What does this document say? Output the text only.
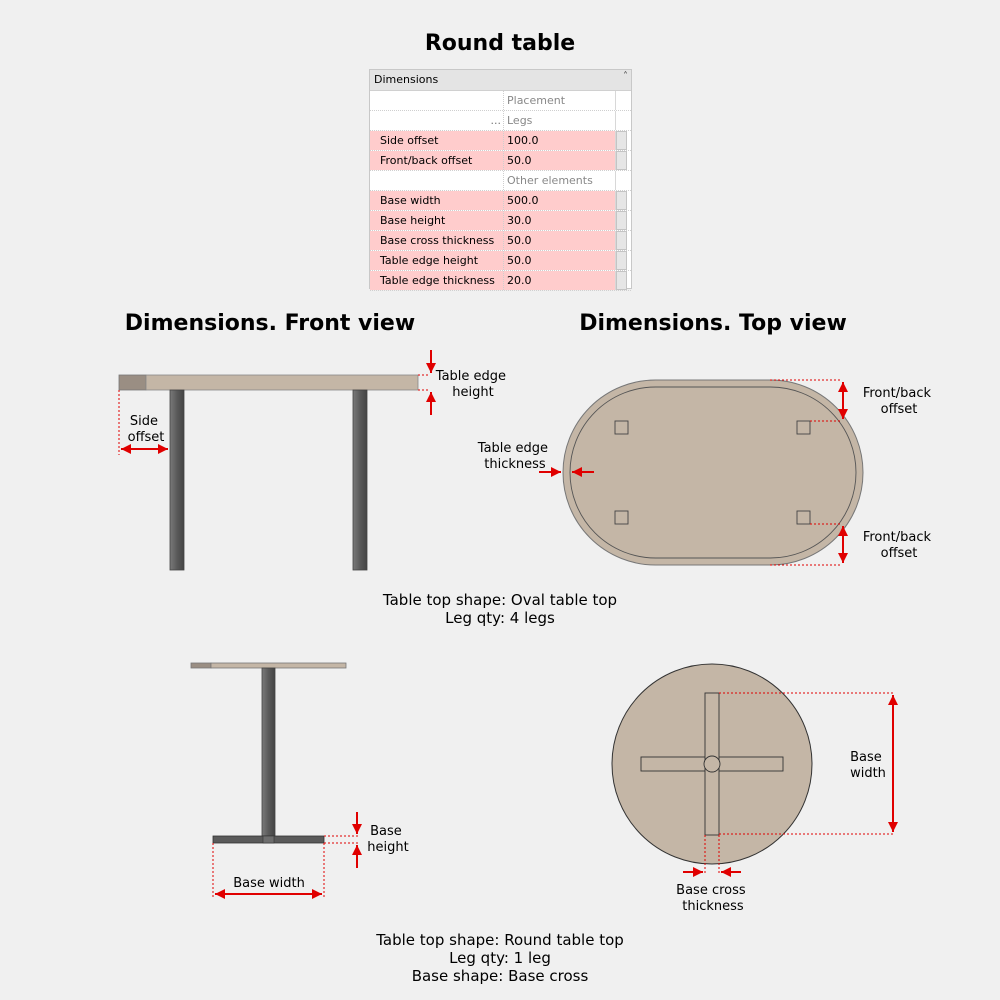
Round table
Dimensions	˄
Placement
... Legs
Side offset	100.0
Front/back offset	50.0
Other elements
Base width	500.0
Base height	30.0
Base cross thickness	50.0
Table edge height	50.0
Table edge thickness	20.0
Dimensions. Front view	Dimensions. Top view
Table edge height
Side offset
Front/back offset
Front/back offset
Table edge thickness
Base height
Base width
Base width
Base cross thickness
Table top shape: Oval table top
Leg qty: 4 legs
Table top shape: Round table top
Leg qty: 1 leg
Base shape: Base cross
